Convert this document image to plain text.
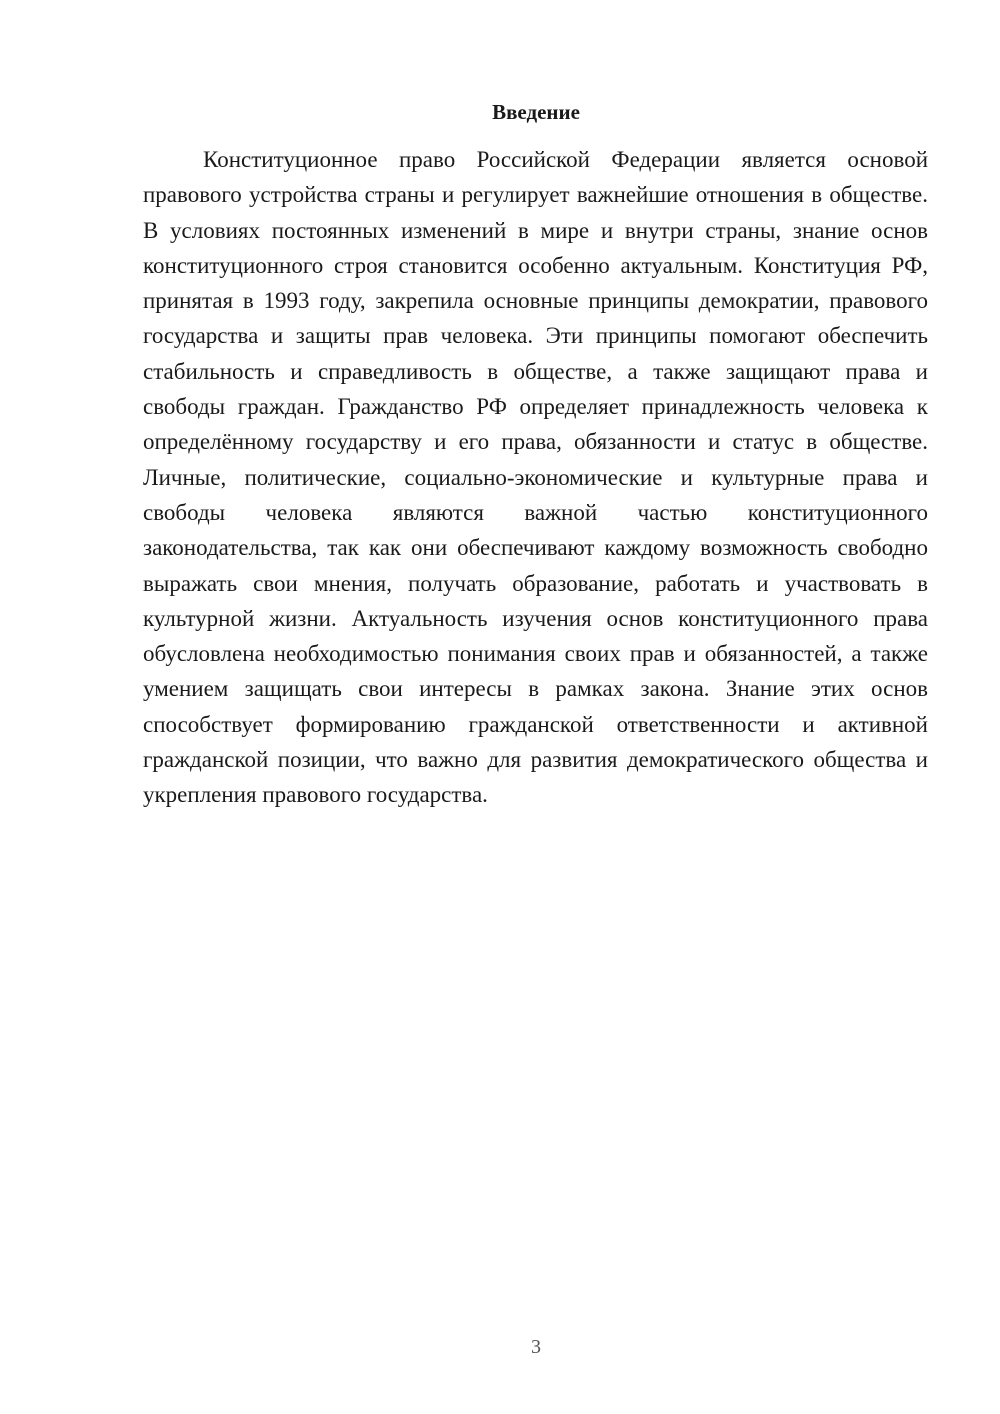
Введение

Конституционное право Российской Федерации является основой правового устройства страны и регулирует важнейшие отношения в обществе. В условиях постоянных изменений в мире и внутри страны, знание основ конституционного строя становится особенно актуальным. Конституция РФ, принятая в 1993 году, закрепила основные принципы демократии, правового государства и защиты прав человека. Эти принципы помогают обеспечить стабильность и справедливость в обществе, а также защищают права и свободы граждан. Гражданство РФ определяет принадлежность человека к определённому государству и его права, обязанности и статус в обществе. Личные, политические, социально-экономические и культурные права и свободы человека являются важной частью конституционного законодательства, так как они обеспечивают каждому возможность свободно выражать свои мнения, получать образование, работать и участвовать в культурной жизни. Актуальность изучения основ конституционного права обусловлена необходимостью понимания своих прав и обязанностей, а также умением защищать свои интересы в рамках закона. Знание этих основ способствует формированию гражданской ответственности и активной гражданской позиции, что важно для развития демократического общества и укрепления правового государства.

3
